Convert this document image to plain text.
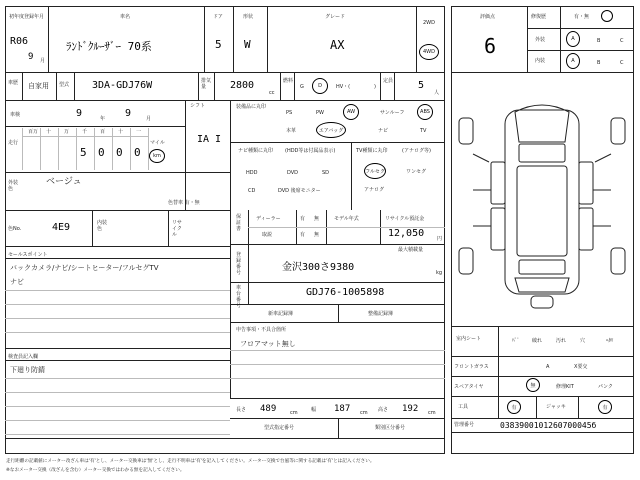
初年度登録年月
R06
9 月
車名
ﾗﾝﾄﾞｸﾙｰｻﾞｰ 70系
ドア
5
形状
W
グレード
AX
2WD
4WD
車歴 自家用 型式 3DA-GDJ76W	排気量	2800
cc
燃料
G	D	HV・(	)
定員 5
人
車検	9	年 9	月
シフト
IA I
走行
百万 十	万	千	百	十	一
5 0 0 0
マイル
km
外装色
ベージュ
色替車 有・無
色No.	4E9	内装色
リサイクル
装備品に丸印
PS	PW	AW	サンルーフ	ABS
本革	エアバッグ	ナビ	TV
ナビ種類に丸印 (HDD等は付属品表示)
HDD	DVD	SD
CD	DVD 後席モニター
TV種類に丸印	(アナログ等)
フルセグ	ワンセグ
アナログ
保証書
ディーラー	有 無
取説	有 無
モデル年式	リサイクル預託金
12,050	円
最大積載量
kg
登録番号	金沢300さ9380
車台番号
GDJ76-1005898
セールスポイント
バックカメラ/ナビ/シートヒーター/フルセグTV
ナビ
検査員記入欄
下廻り防錆
新車記録簿	整備記録簿
申告事項・不具合箇所
フロアマット無し
長さ 489	cm	幅 187 cm 高さ 192 cm
型式指定番号	類別区分番号
評価点
6
修復歴	有・無
外装
内装
A	B	C
A	B	C
室内シート	ﾊﾟﾞ 破れ	汚れ	穴	ﾍﾀﾘ
フロントガラス	A	X要交
スペアタイヤ	無	修理KIT	パンク
工具	有	ジャッキ	有
管理番号	0383900101260700045б
走行距離の記載値にメーター改ざん車は'有'とし、メーター交換車は'無'とし、走行不明車は'有'を記入してください。メーター交換で台風等に関する記載は'有'とは記入ください。
※なおメーター交換（改ざんを含む）メーター交換ではわかる無を記入してください。
